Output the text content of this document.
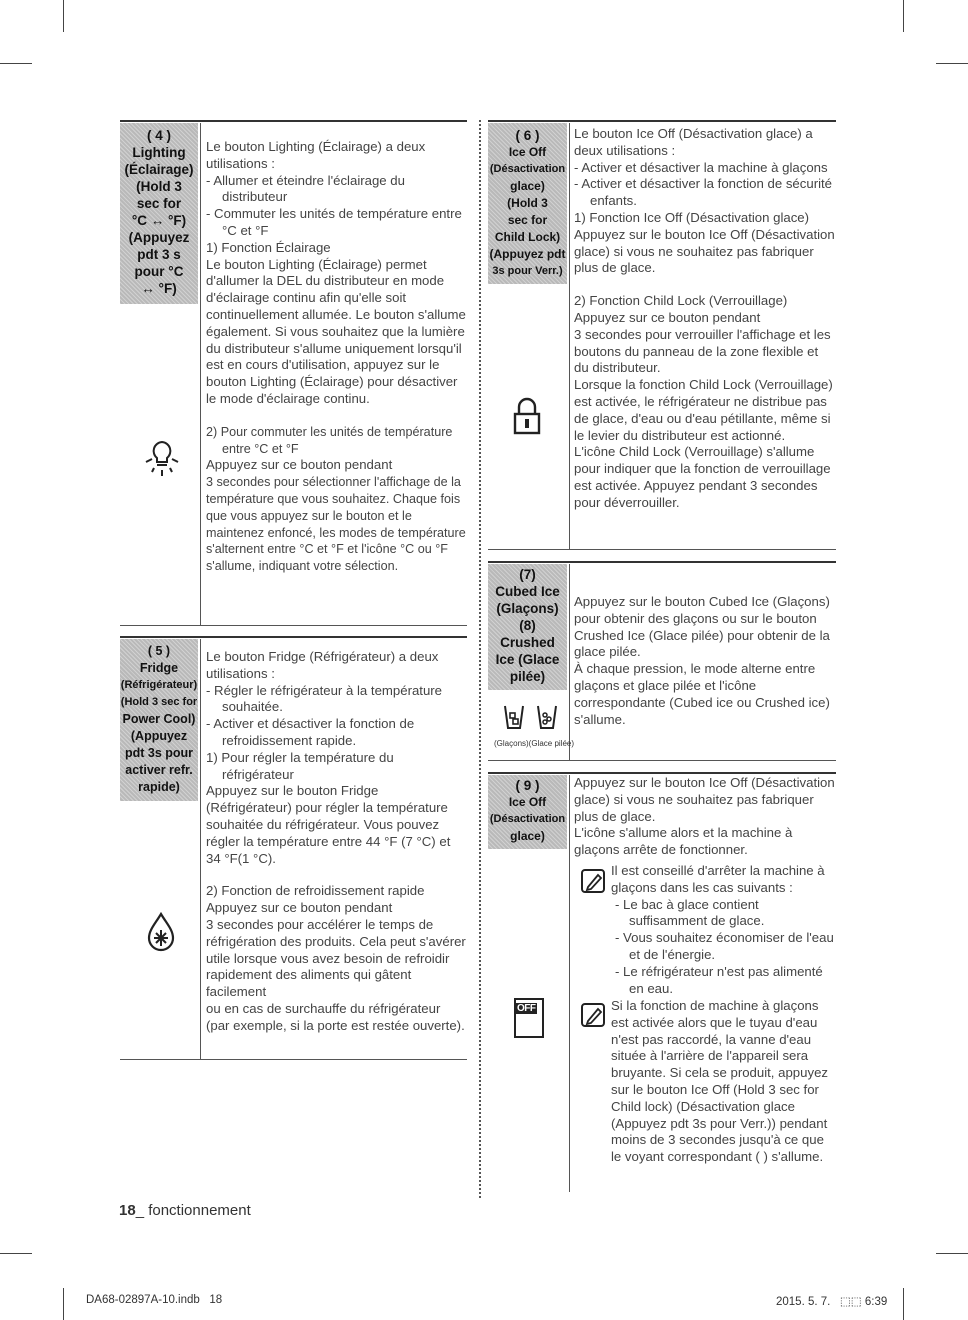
( 4 )
Lighting
(Éclairage)
(Hold 3
sec for
°C ↔ °F)
(Appuyez
pdt 3 s
pour °C
↔ °F)

Le bouton Lighting (Éclairage) a deux

utilisations :

- Allumer et éteindre l'éclairage du distributeur

- Commuter les unités de température entre °C et °F

1) Fonction Éclairage

Le bouton Lighting (Éclairage) permet d'allumer la DEL du distributeur en mode d'éclairage continu afin qu'elle soit continuellement allumée. Le bouton s'allume également. Si vous souhaitez que la lumière du distributeur s'allume uniquement lorsqu'il est en cours d'utilisation, appuyez sur le bouton Lighting (Éclairage) pour désactiver le mode d'éclairage continu.

2) Pour commuter les unités de température entre °C et °F

Appuyez sur ce bouton pendant

3 secondes pour sélectionner l'affichage de la température que vous souhaitez. Chaque fois que vous appuyez sur le bouton et le maintenez enfoncé, les modes de température s'alternent entre °C et °F et l'icône °C ou °F s'allume, indiquant votre sélection.

( 5 )
Fridge
(Réfrigérateur)
(Hold 3 sec for
Power Cool)
(Appuyez
pdt 3s pour
activer refr.
rapide)

Le bouton Fridge (Réfrigérateur) a deux

utilisations :

- Régler le réfrigérateur à la température souhaitée.

- Activer et désactiver la fonction de refroidissement rapide.

1) Pour régler la température du réfrigérateur

Appuyez sur le bouton Fridge (Réfrigérateur) pour régler la température souhaitée du réfrigérateur. Vous pouvez régler la température entre 44 °F (7 °C) et 34 °F(1 °C).

2) Fonction de refroidissement rapide

Appuyez sur ce bouton pendant

3 secondes pour accélérer le temps de réfrigération des produits. Cela peut s'avérer utile lorsque vous avez besoin de refroidir rapidement des aliments qui gâtent facilement

ou en cas de surchauffe du réfrigérateur (par exemple, si la porte est restée ouverte).

( 6 )
Ice Off
(Désactivation
glace)
(Hold 3
sec for
Child Lock)
(Appuyez pdt
3s pour Verr.)

Le bouton Ice Off (Désactivation glace) a deux utilisations :

- Activer et désactiver la machine à glaçons

- Activer et désactiver la fonction de sécurité enfants.

1) Fonction Ice Off (Désactivation glace)

Appuyez sur le bouton Ice Off (Désactivation glace) si vous ne souhaitez pas fabriquer plus de glace.

2) Fonction Child Lock (Verrouillage)

Appuyez sur ce bouton pendant

3 secondes pour verrouiller l'affichage et les boutons du panneau de la zone flexible et du distributeur.

Lorsque la fonction Child Lock (Verrouillage) est activée, le réfrigérateur ne distribue pas de glace, d'eau ou d'eau pétillante, même si le levier du distributeur est actionné.

L'icône Child Lock (Verrouillage) s'allume pour indiquer que la fonction de verrouillage est activée. Appuyez pendant 3 secondes pour déverrouiller.

(7)
Cubed Ice
(Glaçons)
(8)
Crushed
Ice (Glace
pilée)
(Glaçons)(Glace pilée)

Appuyez sur le bouton Cubed Ice (Glaçons) pour obtenir des glaçons ou sur le bouton Crushed Ice (Glace pilée) pour obtenir de la glace pilée.

À chaque pression, le mode alterne entre glaçons et glace pilée et l'icône correspondante (Cubed ice ou Crushed ice) s'allume.

( 9 )
Ice Off
(Désactivation
glace)
OFF

Appuyez sur le bouton Ice Off (Désactivation glace) si vous ne souhaitez pas fabriquer plus de glace.

L'icône s'allume alors et la machine à glaçons arrête de fonctionner.

Il est conseillé d'arrêter la machine à glaçons dans les cas suivants :

- Le bac à glace contient suffisamment de glace.

- Vous souhaitez économiser de l'eau et de l'énergie.

- Le réfrigérateur n'est pas alimenté en eau.

Si la fonction de machine à glaçons est activée alors que le tuyau d'eau n'est pas raccordé, la vanne d'eau située à l'arrière de l'appareil sera bruyante. Si cela se produit, appuyez sur le bouton Ice Off (Hold 3 sec for Child lock) (Désactivation glace (Appuyez pdt 3s pour Verr.)) pendant moins de 3 secondes jusqu'à ce que le voyant correspondant ( ) s'allume.

18_ fonctionnement
DA68-02897A-10.indb   18	2015. 5. 7.   ⬚⬚ 6:39
